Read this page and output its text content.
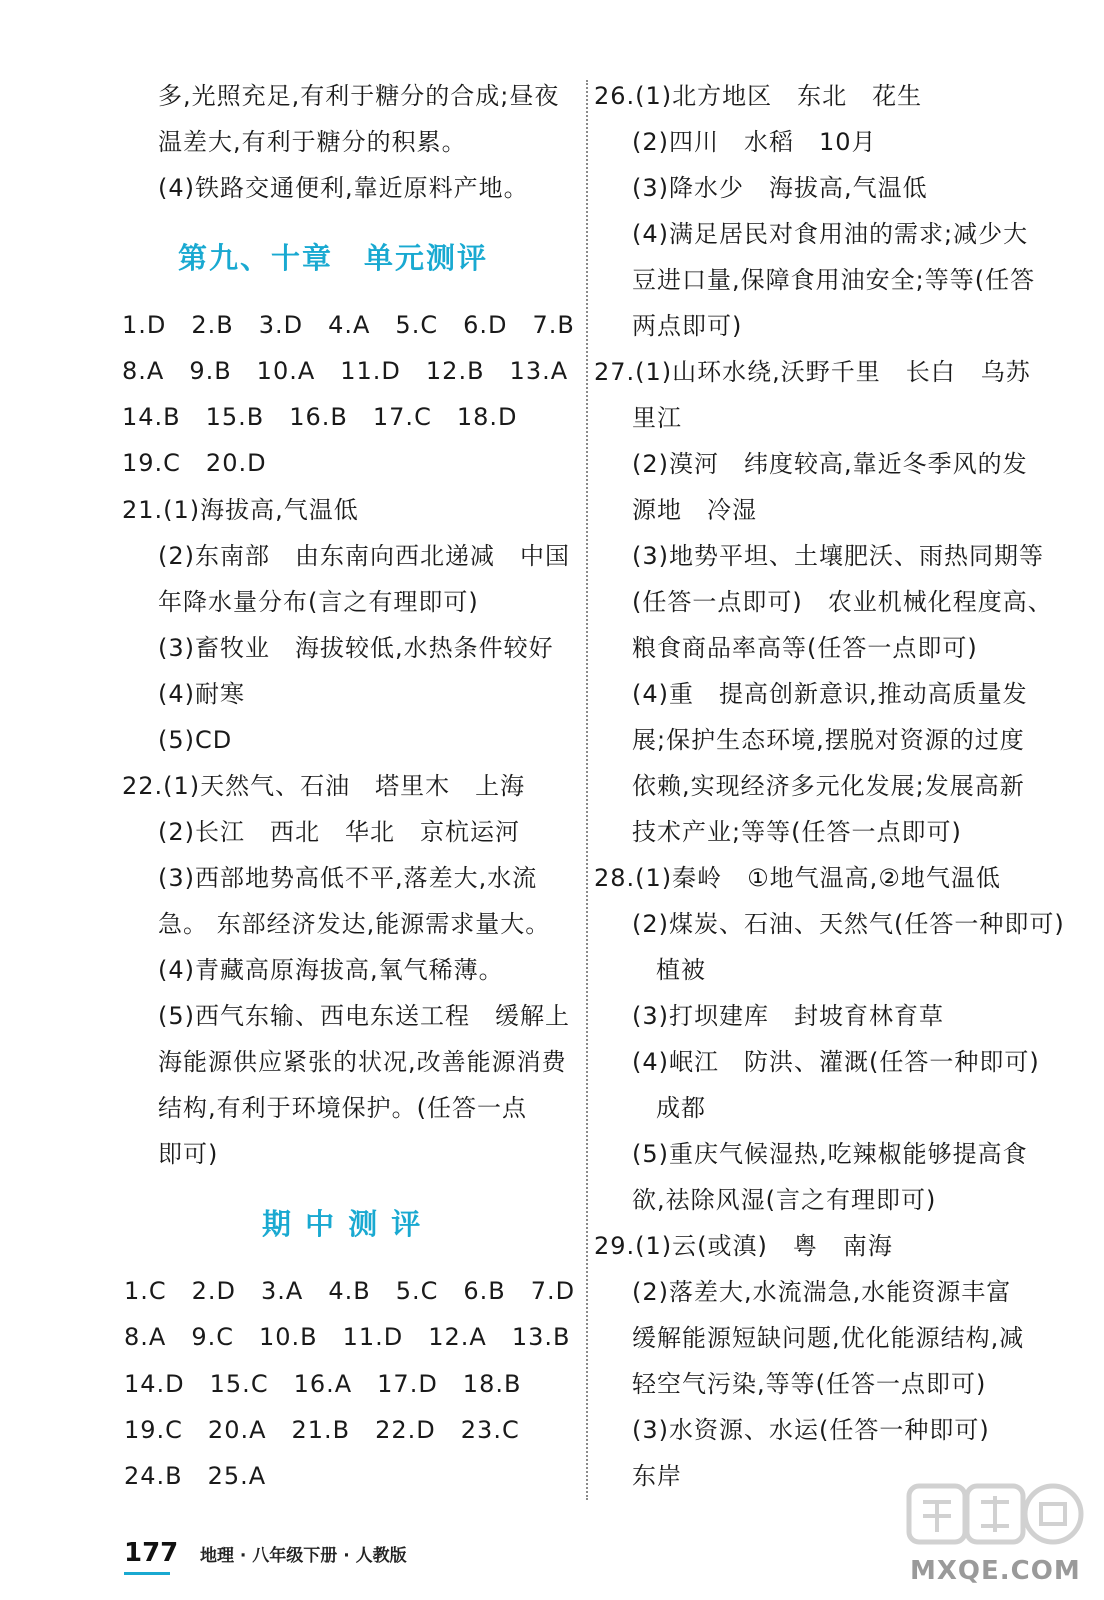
多,光照充足,有利于糖分的合成;昼夜
温差大,有利于糖分的积累。
(4)铁路交通便利,靠近原料产地。
第九、十章　单元测评
1.D　2.B　3.D　4.A　5.C　6.D　7.B
8.A　9.B　10.A　11.D　12.B　13.A
14.B　15.B　16.B　17.C　18.D
19.C　20.D
21.(1)海拔高,气温低
(2)东南部　由东南向西北递减　中国
年降水量分布(言之有理即可)
(3)畜牧业　海拔较低,水热条件较好
(4)耐寒
(5)CD
22.(1)天然气、石油　塔里木　上海
(2)长江　西北　华北　京杭运河
(3)西部地势高低不平,落差大,水流
急。 东部经济发达,能源需求量大。
(4)青藏高原海拔高,氧气稀薄。
(5)西气东输、西电东送工程　缓解上
海能源供应紧张的状况,改善能源消费
结构,有利于环境保护。(任答一点
即可)
期 中 测 评
1.C　2.D　3.A　4.B　5.C　6.B　7.D
8.A　9.C　10.B　11.D　12.A　13.B
14.D　15.C　16.A　17.D　18.B
19.C　20.A　21.B　22.D　23.C
24.B　25.A
26.(1)北方地区　东北　花生
(2)四川　水稻　10月
(3)降水少　海拔高,气温低
(4)满足居民对食用油的需求;减少大
豆进口量,保障食用油安全;等等(任答
两点即可)
27.(1)山环水绕,沃野千里　长白　乌苏
里江
(2)漠河　纬度较高,靠近冬季风的发
源地　冷湿
(3)地势平坦、土壤肥沃、雨热同期等
(任答一点即可)　农业机械化程度高、
粮食商品率高等(任答一点即可)
(4)重　提高创新意识,推动高质量发
展;保护生态环境,摆脱对资源的过度
依赖,实现经济多元化发展;发展高新
技术产业;等等(任答一点即可)
28.(1)秦岭　①地气温高,②地气温低
(2)煤炭、石油、天然气(任答一种即可)
植被
(3)打坝建库　封坡育林育草
(4)岷江　防洪、灌溉(任答一种即可)
成都
(5)重庆气候湿热,吃辣椒能够提高食
欲,祛除风湿(言之有理即可)
29.(1)云(或滇)　粤　南海
(2)落差大,水流湍急,水能资源丰富
缓解能源短缺问题,优化能源结构,减
轻空气污染,等等(任答一点即可)
(3)水资源、水运(任答一种即可)
东岸
177 地理 · 八年级下册 · 人教版	MXQE.COM
